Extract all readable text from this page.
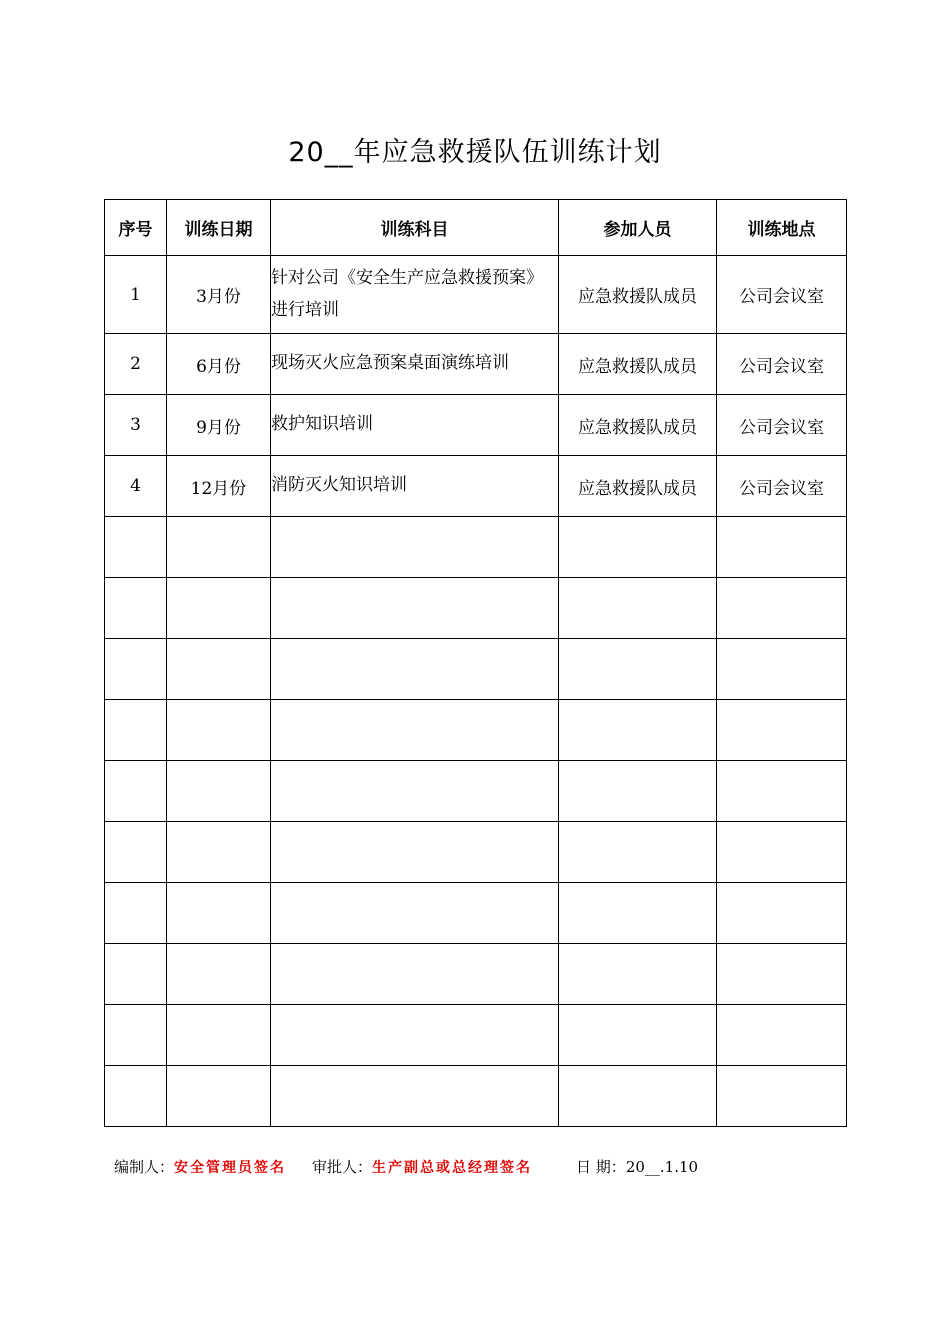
20__年应急救援队伍训练计划
序号	训练日期	训练科目	参加人员	训练地点
1	3月份	针对公司《安全生产应急救援预案》进行培训	应急救援队成员	公司会议室
2	6月份	现场灭火应急预案桌面演练培训	应急救援队成员	公司会议室
3	9月份	救护知识培训	应急救援队成员	公司会议室
4	12月份	消防灭火知识培训	应急救援队成员	公司会议室

编制人：安全管理员签名 审批人：生产副总或总经理签名	日 期：20__.1.10
